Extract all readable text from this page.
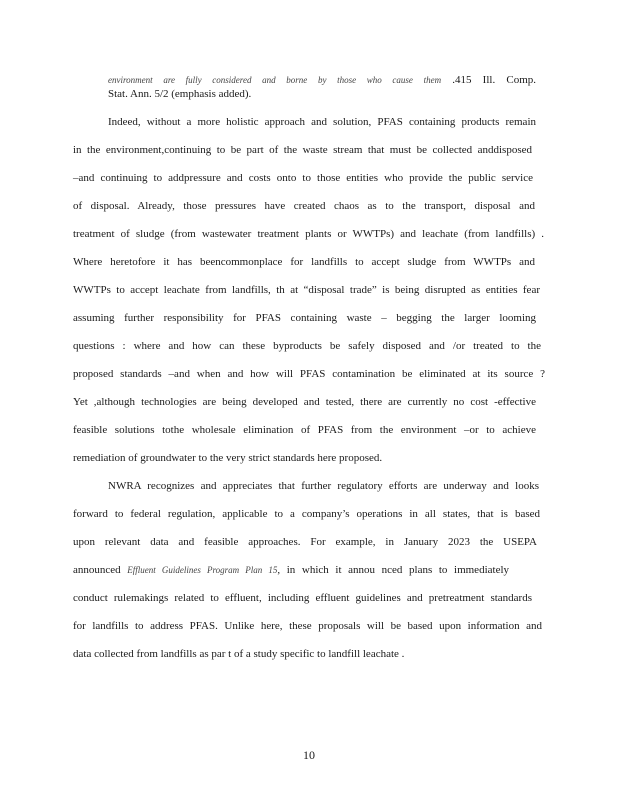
environment are fully considered and borne by those who cause them .415 Ill. Comp.
Stat. Ann. 5/2 (emphasis added).
Indeed, without a more holistic approach and solution, PFAS containing products remain
in the environment,continuing to be part of the waste stream that must be collected anddisposed
–and continuing to addpressure and costs onto to those entities who provide the public service
of disposal. Already, those pressures have created chaos as to the transport, disposal and
treatment of sludge (from wastewater treatment plants or WWTPs) and leachate (from landfills) .
Where heretofore it has beencommonplace for landfills to accept sludge from WWTPs and
WWTPs to accept leachate from landfills, th at “disposal trade” is being disrupted as entities fear
assuming further responsibility for PFAS containing waste – begging the larger looming
questions : where and how can these byproducts be safely disposed and /or treated to the
proposed standards –and when and how will PFAS contamination be eliminated at its source ?
Yet ,although technologies are being developed and tested, there are currently no cost -effective
feasible solutions tothe wholesale elimination of PFAS from the environment –or to achieve
remediation of groundwater to the very strict standards here proposed.
NWRA recognizes and appreciates that further regulatory efforts are underway and looks
forward to federal regulation, applicable to a company’s operations in all states, that is based
upon relevant data and feasible approaches. For example, in January 2023 the USEPA
announced Effluent Guidelines Program Plan 15, in which it annou nced plans to immediately
conduct rulemakings related to effluent, including effluent guidelines and pretreatment standards
for landfills to address PFAS. Unlike here, these proposals will be based upon information and
data collected from landfills as par t of a study specific to landfill leachate .
10
